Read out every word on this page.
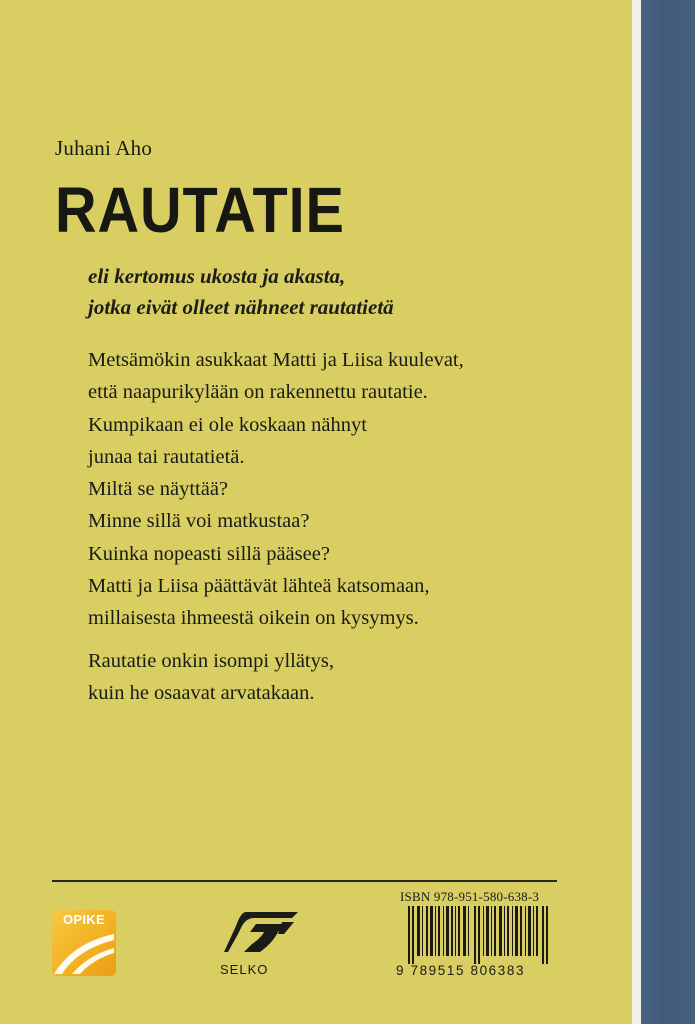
Juhani Aho
RAUTATIE
eli kertomus ukosta ja akasta,
jotka eivät olleet nähneet rautatietä
Metsämökin asukkaat Matti ja Liisa kuulevat,
että naapurikylään on rakennettu rautatie.
Kumpikaan ei ole koskaan nähnyt
junaa tai rautatietä.
Miltä se näyttää?
Minne sillä voi matkustaa?
Kuinka nopeasti sillä pääsee?
Matti ja Liisa päättävät lähteä katsomaan,
millaisesta ihmeestä oikein on kysymys.
Rautatie onkin isompi yllätys,
kuin he osaavat arvatakaan.
OPIKE
SELKO
ISBN 978-951-580-638-3
9 789515 806383
